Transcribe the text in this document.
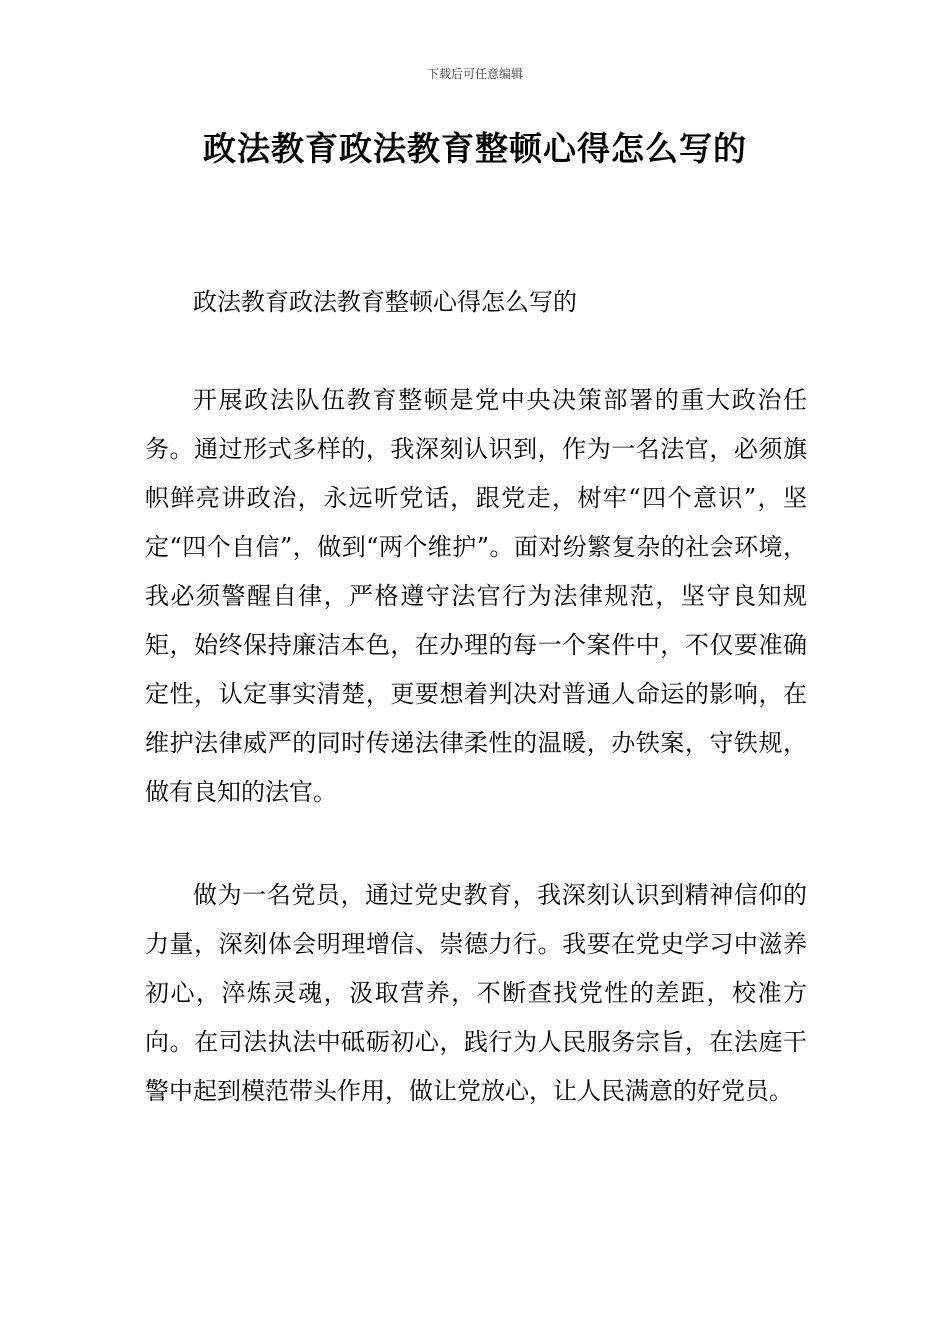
下载后可任意编辑
政法教育政法教育整顿心得怎么写的

政法教育政法教育整顿心得怎么写的

开展政法队伍教育整顿是党中央决策部署的重大政治任务。通过形式多样的，我深刻认识到，作为一名法官，必须旗帜鲜亮讲政治，永远听党话，跟党走，树牢“四个意识”，坚定“四个自信”，做到“两个维护”。面对纷繁复杂的社会环境，我必须警醒自律，严格遵守法官行为法律规范，坚守良知规矩，始终保持廉洁本色，在办理的每一个案件中，不仅要准确定性，认定事实清楚，更要想着判决对普通人命运的影响，在维护法律威严的同时传递法律柔性的温暖，办铁案，守铁规，做有良知的法官。

做为一名党员，通过党史教育，我深刻认识到精神信仰的力量，深刻体会明理增信、崇德力行。我要在党史学习中滋养初心，淬炼灵魂，汲取营养，不断查找党性的差距，校准方向。在司法执法中砥砺初心，践行为人民服务宗旨，在法庭干警中起到模范带头作用，做让党放心，让人民满意的好党员。
